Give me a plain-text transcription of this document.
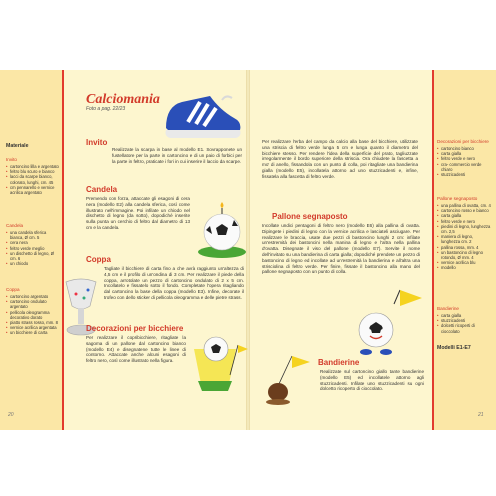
Materiale
Invito
• cartoncino lilla e argentato
• feltro blu scuro e bianco
• lacci da scarpe bianco, colorato, lunghi, cm. 45
• cm pennarello e vernice acrilica argentato
Candela
• una candela sferica bianca, Ø cm. 5
• cera nera
• feltro verde meglio
• un dischetto di legno, Ø cm. 6
• un chiodo
Coppa
• cartoncino argentato
• cartoncino ondulato argentato
• pellicola oleogramma decorativo dorato
• piatto strass rosso, mm. 8
• vernice acrilica argentata
• un bicchiere di carta
Calciomania
Foto a pag. 22/23
Invito

Realizzate la scarpa in base al modello E1. Sovrapponete un fustellatore per la parte in cartoncino e di un paio di forbici per la parte in feltro, praticate i fori in cui inserire il laccio da scarpe.

Candela

Premendo con forza, attaccate gli esagoni di cera nera (modello E2) alla candela sferica, così come illustrato nell'immagine. Poi infilate un chiodo nel dischetto di legno (da sotto), dopodiché inserite sulla punta un cerchio di feltro dal diametro di 13 cm e la candela.

Coppa

Tagliate il bicchiere di carta fino a che avrà raggiunto un'altezza di 4,5 cm e il profilo di un'ondina di 3 cm. Per realizzare il piede della coppa, arrotolate un pezzo di cartoncino ondulato di 2 x 5 cm. Incollatelo e fissatelo sotto il fondo. Completate l'opera ritagliando dal cartoncino la base della coppa (modello E3). Infine, decorate il trofeo con dello sticker di pellicola oleogramma e delle pietre strass.

Decorazioni per bicchiere

Per realizzare il copribicchiere, ritagliate la sagoma di un pallone dal cartoncino bianco (modello E4) e disegnatene tutte le linee di contorno. Attaccate anche alcuni esagoni di feltro nero, così come illustrato nella figura.

Per realizzare l'erba del campo da calcio alla base del bicchiere, utilizzate una striscia di feltro verde lunga 5 cm e lunga quanto il diametro del bicchiere stesso. Per rendere l'idea della superficie del prato, tagliuzzate irregolarmente il bordo superiore della striscia. Ora chiudete la fascetta a mo' di anello, fissandola con un punto di colla, poi ritagliate una bandierina gialla (modello E5), incollatela attorno ad uno stuzzicadenti e, infine, fissatela alla fascetta di feltro verde.

Pallone segnaposto

Incollate undici pentagoni di feltro nero (modello E6) alla pallina di ovatta. Dipingete i piedini di legno con la vernice acrilica e lasciateli asciugare. Per realizzare le braccia, usate due pezzi di bastoncino lunghi 2 cm: infilate un'estremità dei bastoncini nella manina di legno e l'altra nella pallina d'ovatta. Disegnate il viso del pallone (modello E7). Servite il nome dell'invitato su una bandierina di carta gialla; dopodiché prendete un pezzo di bastoncino di legno ed incollate ad un'estremità la bandierina e all'altra una strisciolina di feltro verde. Per finire, fissate il bastoncino alla mano del pallone segnaposto con un punto di colla.

Bandierine

Realizzate sul cartoncino giallo tante bandierine (modello E5) ed incollatele attorno agli stuzzicadenti. Infilate uno stuzzicadenti su ogni dolcetto ricoperto di cioccolato.

Decorazioni per bicchiere
• cartoncino bianco
• carta gialla
• feltro verde e nero
• cra- commercio verde chiaro
• stuzzicadenti
Pallone segnaposto
• una pallina di ovatta, cm. 4
• cartoncino rosso e bianco
• carta gialla
• feltro verde e nero
• piedini di legno, lunghezza cm. 2,5
• maniera di legno, lunghezza cm. 2
• pallina rossa, mm. 4
• un bastoncino di legno rotondo, Ø mm. 4
• vernice acrilica blu
• modello
Bandierine
• carta gialla
• stuzzicadenti
• dolcetti ricoperti di cioccolato
Modelli E1-E7
20	21
